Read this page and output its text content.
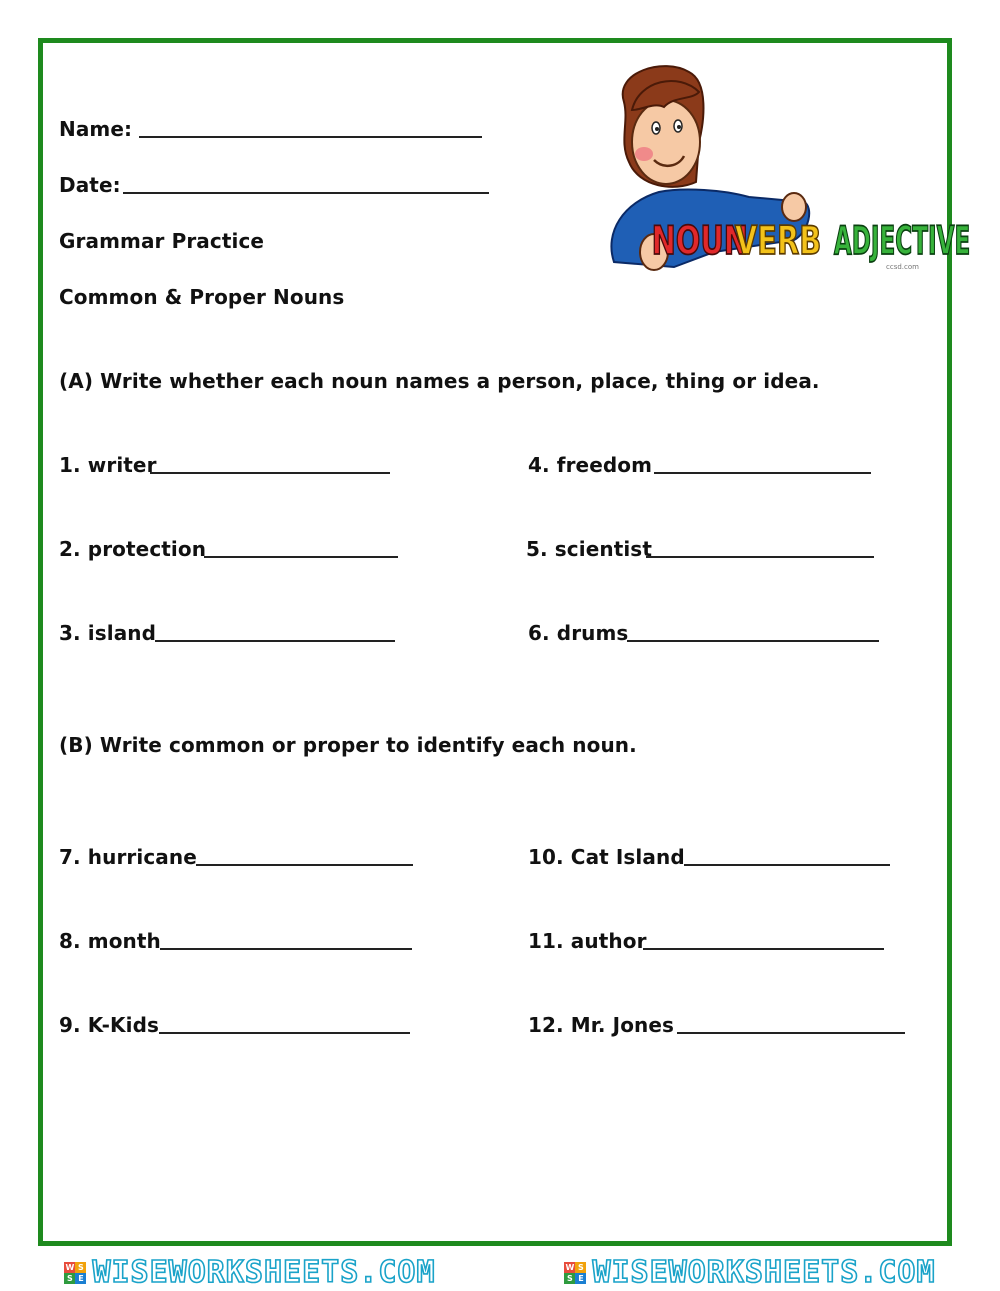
Name:
Date:
Grammar Practice
Common & Proper Nouns
NOUN
VERB ADJECTIVE
ccsd.com
(A) Write whether each noun names a person, place, thing or idea.
1. writer
2. protection
3. island
4. freedom
5. scientist
6. drums
(B) Write common or proper to identify each noun.
7. hurricane
8. month
9. K-Kids
10. Cat Island
11. author
12. Mr. Jones
W S
S E WISEWORKSHEETS.COM	W S
S E WISEWORKSHEETS.COM
